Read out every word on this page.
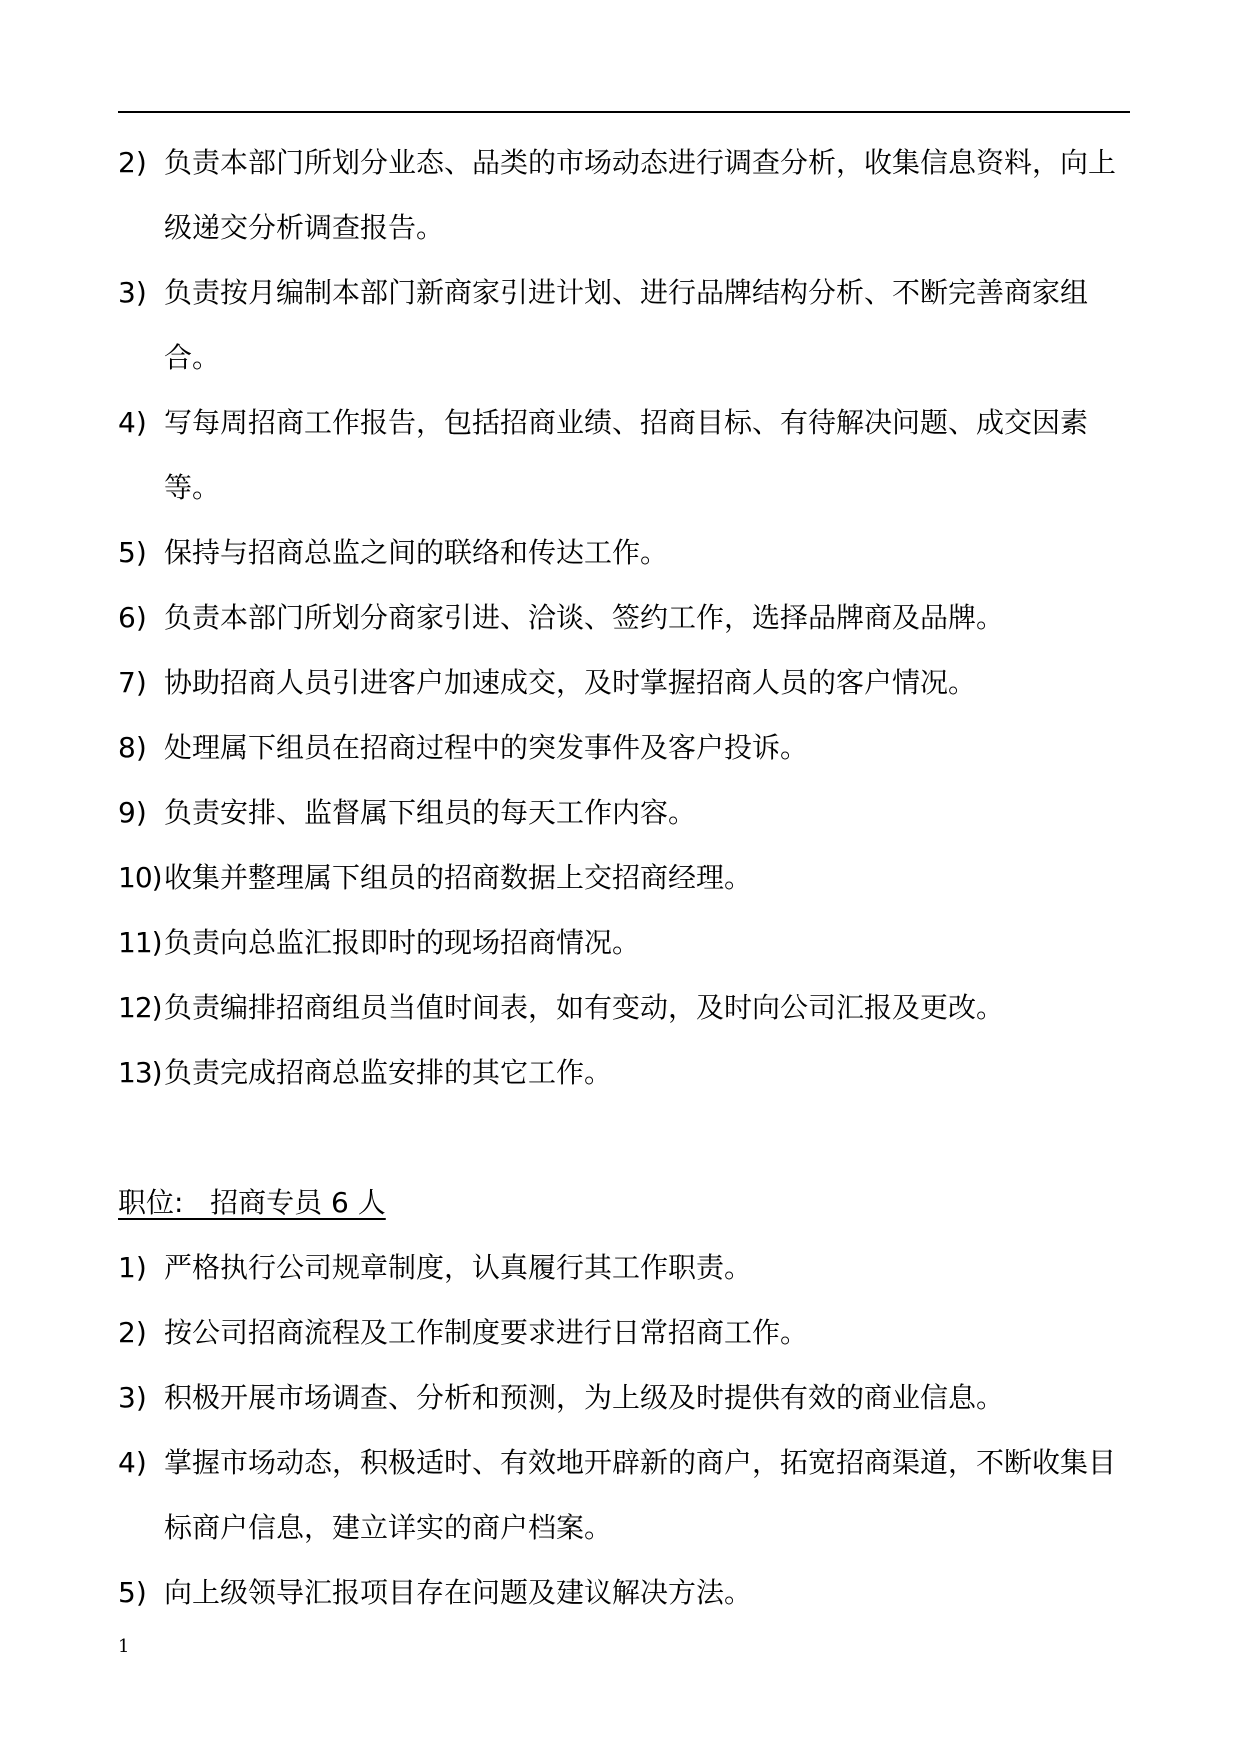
2) 负责本部门所划分业态、品类的市场动态进行调查分析，收集信息资料，向上级递交分析调查报告。
3) 负责按月编制本部门新商家引进计划、进行品牌结构分析、不断完善商家组合。
4) 写每周招商工作报告，包括招商业绩、招商目标、有待解决问题、成交因素等。
5) 保持与招商总监之间的联络和传达工作。
6) 负责本部门所划分商家引进、洽谈、签约工作，选择品牌商及品牌。
7) 协助招商人员引进客户加速成交，及时掌握招商人员的客户情况。
8) 处理属下组员在招商过程中的突发事件及客户投诉。
9) 负责安排、监督属下组员的每天工作内容。
10) 收集并整理属下组员的招商数据上交招商经理。
11) 负责向总监汇报即时的现场招商情况。
12) 负责编排招商组员当值时间表，如有变动，及时向公司汇报及更改。
13) 负责完成招商总监安排的其它工作。
职位:   招商专员 6 人
1) 严格执行公司规章制度，认真履行其工作职责。
2) 按公司招商流程及工作制度要求进行日常招商工作。
3) 积极开展市场调查、分析和预测，为上级及时提供有效的商业信息。
4) 掌握市场动态，积极适时、有效地开辟新的商户，拓宽招商渠道，不断收集目标商户信息，建立详实的商户档案。
5) 向上级领导汇报项目存在问题及建议解决方法。
1
